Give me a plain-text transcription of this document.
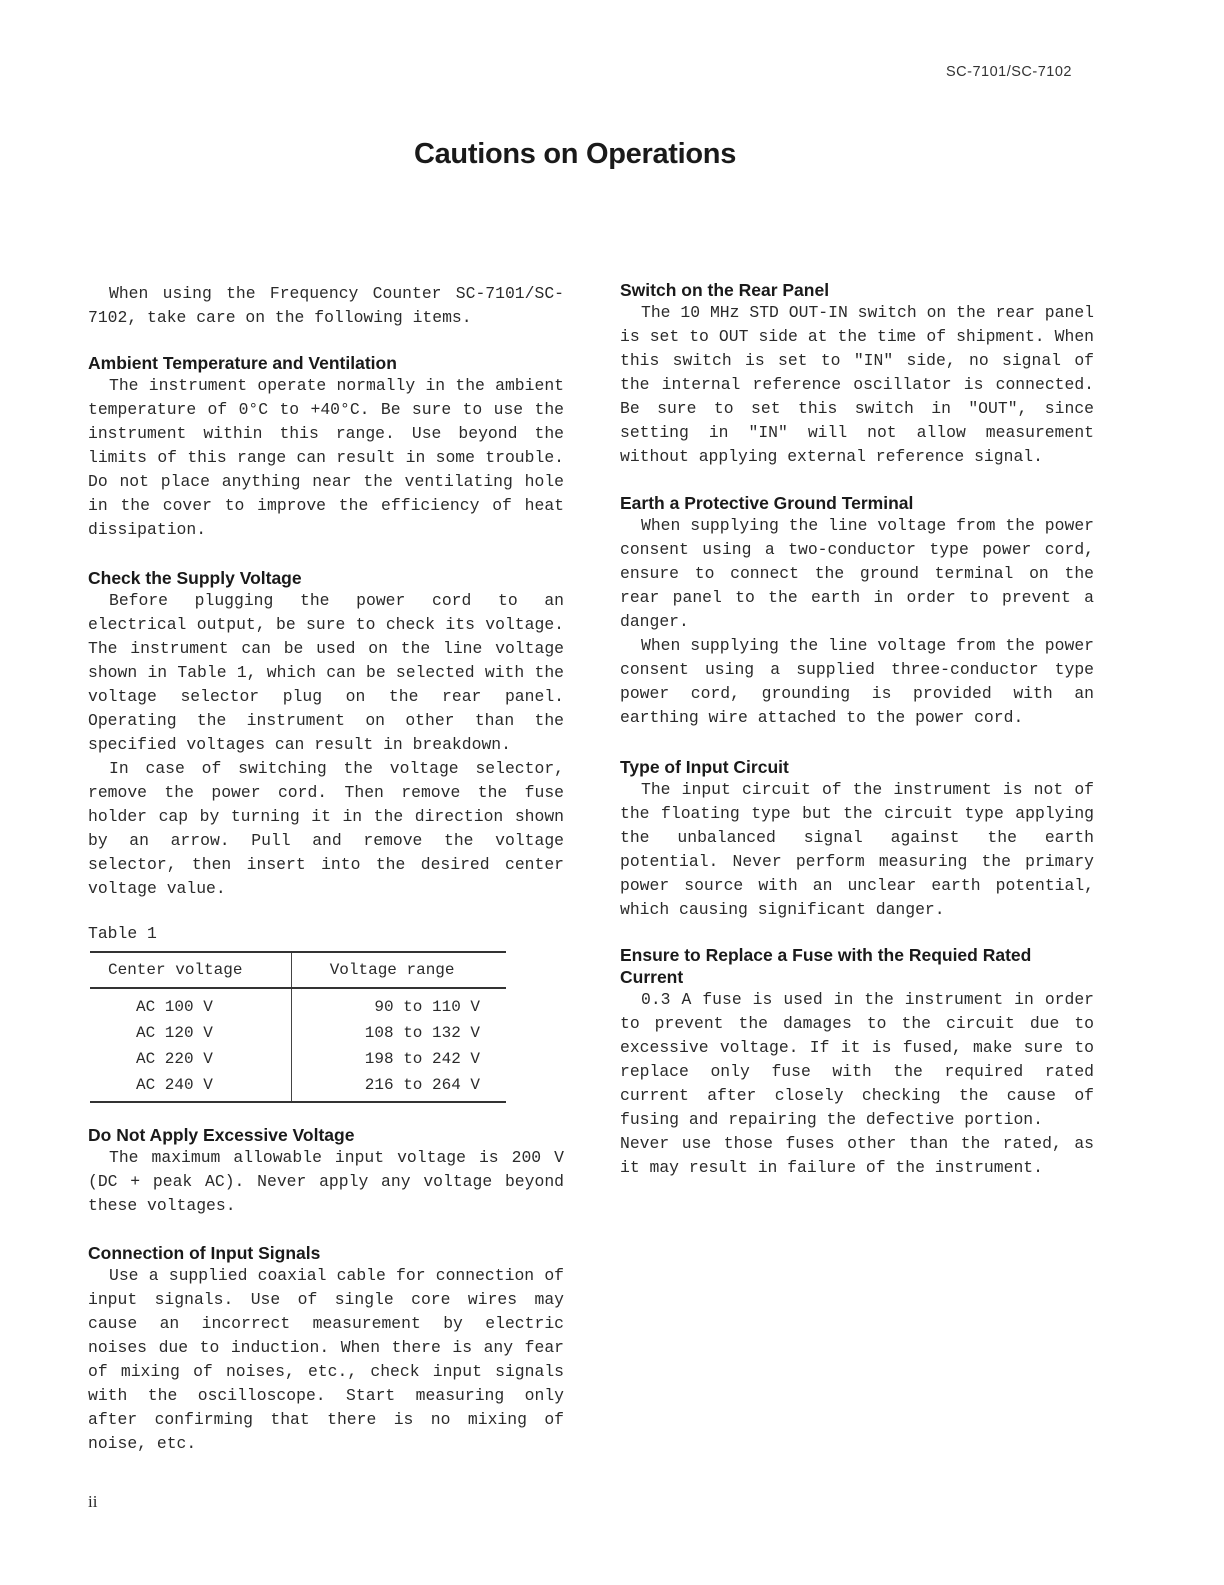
SC-7101/SC-7102
Cautions on Operations

When using the Frequency Counter SC-7101/SC-7102, take care on the following items.

Ambient Temperature and Ventilation

The instrument operate normally in the ambient temperature of 0°C to +40°C. Be sure to use the instrument within this range. Use beyond the limits of this range can result in some trouble. Do not place anything near the ventilating hole in the cover to improve the efficiency of heat dissipation.

Check the Supply Voltage

Before plugging the power cord to an electrical output, be sure to check its voltage. The instrument can be used on the line voltage shown in Table 1, which can be selected with the voltage selector plug on the rear panel. Operating the instrument on other than the specified voltages can result in breakdown.

In case of switching the voltage selector, remove the power cord. Then remove the fuse holder cap by turning it in the direction shown by an arrow. Pull and remove the voltage selector, then insert into the desired center voltage value.

Table 1
Center voltage	Voltage range
AC 100 V	90 to 110 V
AC 120 V	108 to 132 V
AC 220 V	198 to 242 V
AC 240 V	216 to 264 V
Do Not Apply Excessive Voltage

The maximum allowable input voltage is 200 V (DC + peak AC). Never apply any voltage beyond these voltages.

Connection of Input Signals

Use a supplied coaxial cable for connection of input signals. Use of single core wires may cause an incorrect measurement by electric noises due to induction. When there is any fear of mixing of noises, etc., check input signals with the oscilloscope. Start measuring only after confirming that there is no mixing of noise, etc.

Switch on the Rear Panel

The 10 MHz STD OUT-IN switch on the rear panel is set to OUT side at the time of shipment. When this switch is set to "IN" side, no signal of the internal reference oscillator is connected. Be sure to set this switch in "OUT", since setting in "IN" will not allow measurement without applying external reference signal.

Earth a Protective Ground Terminal

When supplying the line voltage from the power consent using a two-conductor type power cord, ensure to connect the ground terminal on the rear panel to the earth in order to prevent a danger.

When supplying the line voltage from the power consent using a supplied three-conductor type power cord, grounding is provided with an earthing wire attached to the power cord.

Type of Input Circuit

The input circuit of the instrument is not of the floating type but the circuit type applying the unbalanced signal against the earth potential. Never perform measuring the primary power source with an unclear earth potential, which causing significant danger.

Ensure to Replace a Fuse with the Requied Rated Current

0.3 A fuse is used in the instrument in order to prevent the damages to the circuit due to excessive voltage. If it is fused, make sure to replace only fuse with the required rated current after closely checking the cause of fusing and repairing the defective portion.

Never use those fuses other than the rated, as it may result in failure of the instrument.

ii
